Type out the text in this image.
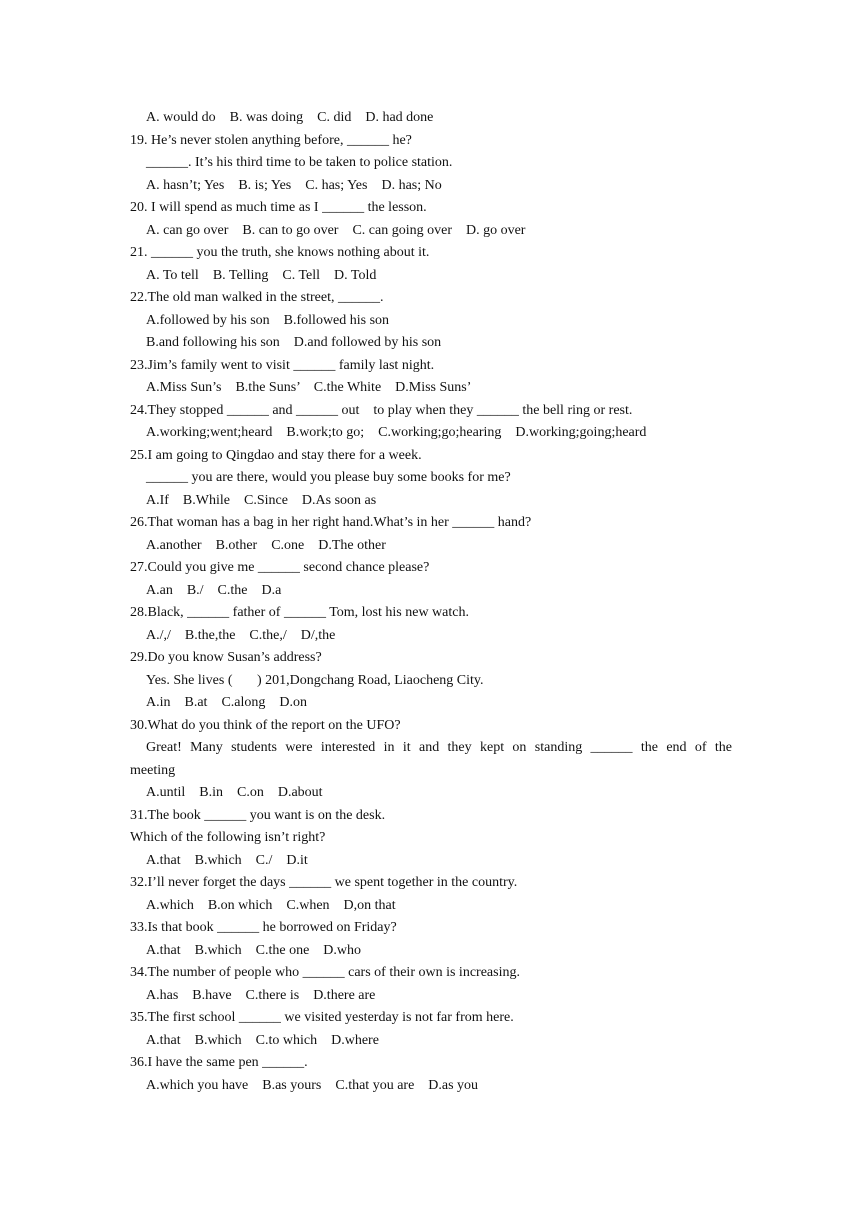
A. would do    B. was doing    C. did    D. had done
19. He’s never stolen anything before, ______ he?
______. It’s his third time to be taken to police station.
A. hasn’t; Yes    B. is; Yes    C. has; Yes    D. has; No
20. I will spend as much time as I ______ the lesson.
A. can go over    B. can to go over    C. can going over    D. go over
21. ______ you the truth, she knows nothing about it.
A. To tell    B. Telling    C. Tell    D. Told
22.The old man walked in the street, ______.
A.followed by his son    B.followed his son
B.and following his son    D.and followed by his son
23.Jim’s family went to visit ______ family last night.
A.Miss Sun’s    B.the Suns’    C.the White    D.Miss Suns’
24.They stopped ______ and ______ out    to play when they ______ the bell ring or rest.
A.working;went;heard    B.work;to go;    C.working;go;hearing    D.working;going;heard
25.I am going to Qingdao and stay there for a week.
______ you are there, would you please buy some books for me?
A.If    B.While    C.Since    D.As soon as
26.That woman has a bag in her right hand.What’s in her ______ hand?
A.another    B.other    C.one    D.The other
27.Could you give me ______ second chance please?
A.an    B./    C.the    D.a
28.Black, ______ father of ______ Tom, lost his new watch.
A./,/    B.the,the    C.the,/    D/,the
29.Do you know Susan’s address?
Yes. She lives (       ) 201,Dongchang Road, Liaocheng City.
A.in    B.at    C.along    D.on
30.What do you think of the report on the UFO?
Great! Many students were interested in it and they kept on standing ______ the end of the
meeting
A.until    B.in    C.on    D.about
31.The book ______ you want is on the desk.
Which of the following isn’t right?
A.that    B.which    C./    D.it
32.I’ll never forget the days ______ we spent together in the country.
A.which    B.on which    C.when    D,on that
33.Is that book ______ he borrowed on Friday?
A.that    B.which    C.the one    D.who
34.The number of people who ______ cars of their own is increasing.
A.has    B.have    C.there is    D.there are
35.The first school ______ we visited yesterday is not far from here.
A.that    B.which    C.to which    D.where
36.I have the same pen ______.
A.which you have    B.as yours    C.that you are    D.as you
